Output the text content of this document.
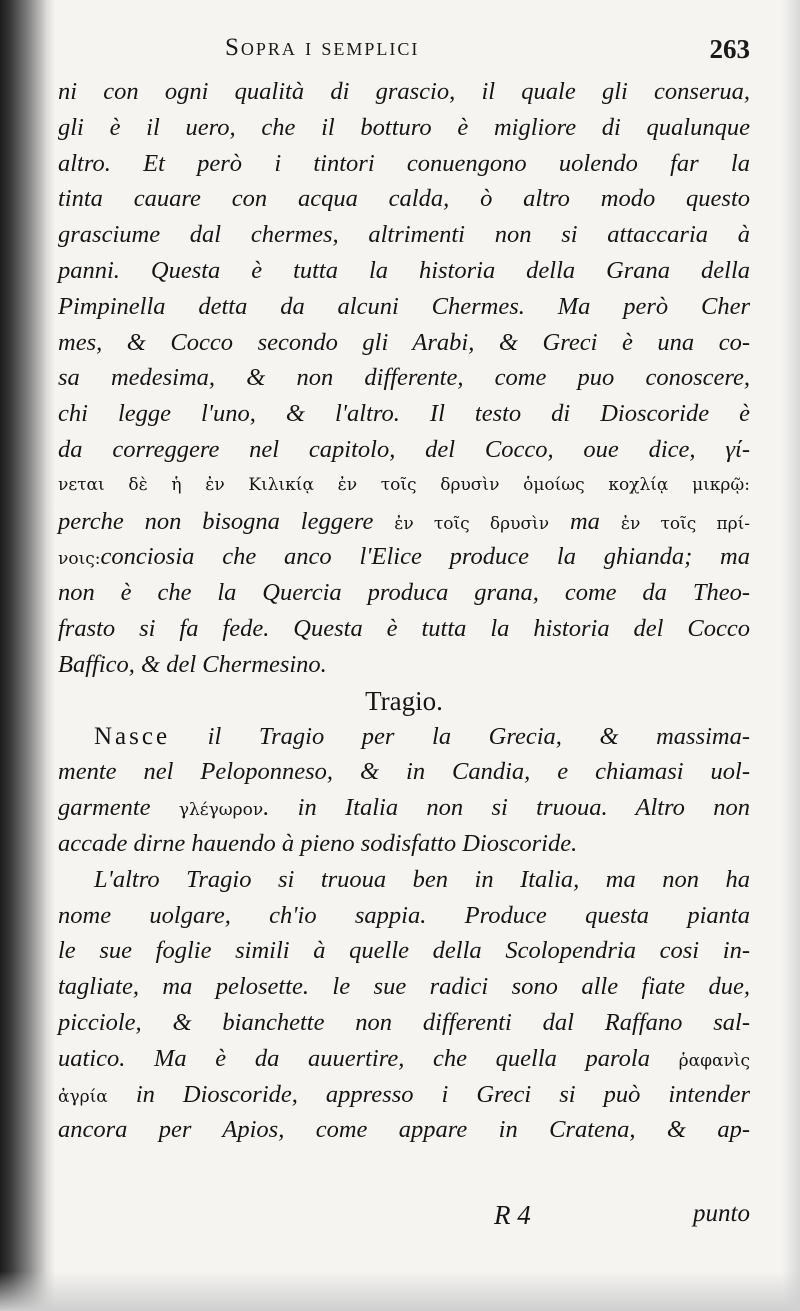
Sopra i semplici	263
ni con ogni qualità di grascio, il quale gli conserua,
gli è il uero, che il botturo è migliore di qualunque
altro. Et però i tintori conuengono uolendo far la
tinta cauare con acqua calda, ò altro modo questo
grasciume dal chermes, altrimenti non si attaccaria à
panni. Questa è tutta la historia della Grana della
Pimpinella detta da alcuni Chermes. Ma però Cher
mes, & Cocco secondo gli Arabi, & Greci è una co-
sa medesima, & non differente, come puo conoscere,
chi legge l'uno, & l'altro. Il testo di Dioscoride è
da correggere nel capitolo, del Cocco, oue dice, γί-
νεται δὲ ἡ ἐν Κιλικίᾳ ἐν τοῖς δρυσὶν ὁμοίως κοχλίᾳ μικρῷ:
perche non bisogna leggere ἐν τοῖς δρυσὶν ma ἐν τοῖς πρί-
νοις:conciosia che anco l'Elice produce la ghianda; ma
non è che la Quercia produca grana, come da Theo-
frasto si fa fede. Questa è tutta la historia del Cocco
Baffico, & del Chermesino.
Tragio.
Nasce il Tragio per la Grecia, & massima-
mente nel Peloponneso, & in Candia, e chiamasi uol-
garmente γλέγωρον. in Italia non si truoua. Altro non
accade dirne hauendo à pieno sodisfatto Dioscoride.
L'altro Tragio si truoua ben in Italia, ma non ha
nome uolgare, ch'io sappia. Produce questa pianta
le sue foglie simili à quelle della Scolopendria cosi in-
tagliate, ma pelosette. le sue radici sono alle fiate due,
picciole, & bianchette non differenti dal Raffano sal-
uatico. Ma è da auuertire, che quella parola ῥαφανὶς
ἀγρία in Dioscoride, appresso i Greci si può intender
ancora per Apios, come appare in Cratena, & ap-
R 4	punto
